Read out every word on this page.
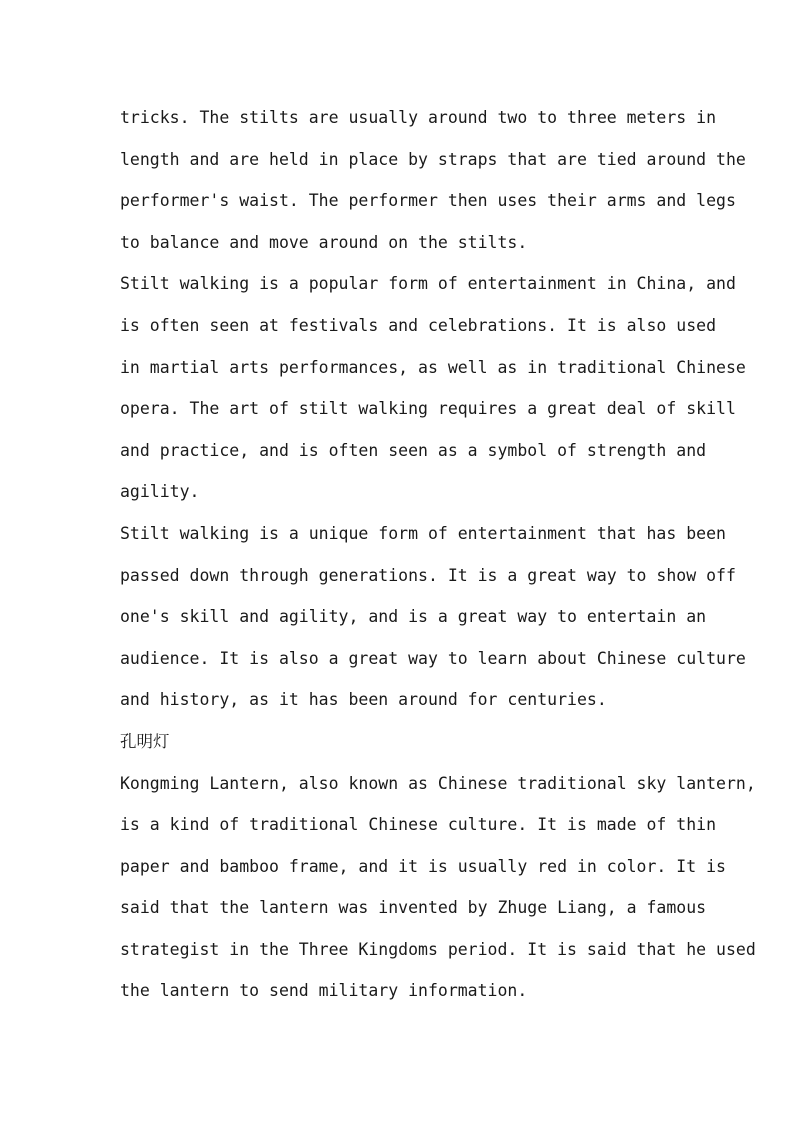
tricks. The stilts are usually around two to three meters in
length and are held in place by straps that are tied around the
performer's waist. The performer then uses their arms and legs
to balance and move around on the stilts.
Stilt walking is a popular form of entertainment in China, and
is often seen at festivals and celebrations. It is also used
in martial arts performances, as well as in traditional Chinese
opera. The art of stilt walking requires a great deal of skill
and practice, and is often seen as a symbol of strength and
agility.
Stilt walking is a unique form of entertainment that has been
passed down through generations. It is a great way to show off
one's skill and agility, and is a great way to entertain an
audience. It is also a great way to learn about Chinese culture
and history, as it has been around for centuries.
孔明灯
Kongming Lantern, also known as Chinese traditional sky lantern,
is a kind of traditional Chinese culture. It is made of thin
paper and bamboo frame, and it is usually red in color. It is
said that the lantern was invented by Zhuge Liang, a famous
strategist in the Three Kingdoms period. It is said that he used
the lantern to send military information.
